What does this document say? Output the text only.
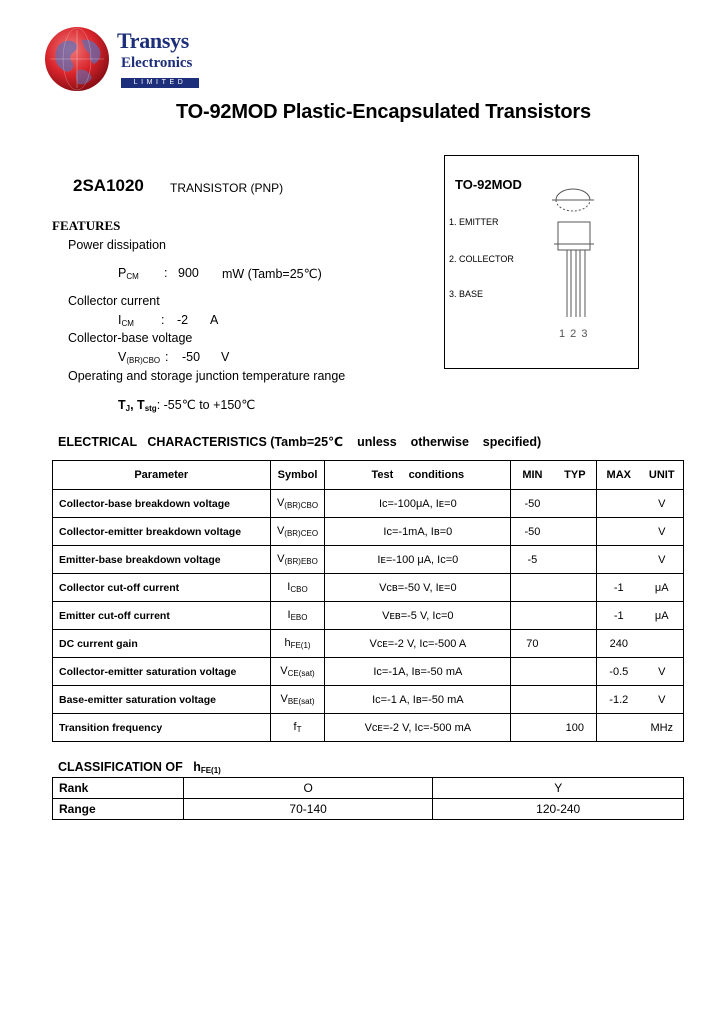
Transys
Electronics
LIMITED
TO-92MOD Plastic-Encapsulated Transistors
2SA1020 TRANSISTOR (PNP)	TO-92MOD
1. EMITTER
2. COLLECTOR
3. BASE
1 2 3
FEATURES
Power dissipation
$P_{CM}$ : 900 mW (Tamb=25℃)
Collector current
$I_{CM}$ : -2 A
Collector-base voltage
$V_{(BR)CBO}$ : -50 V
Operating and storage junction temperature range
$T_J$, $T_{stg}$: -55℃ to +150℃
ELECTRICAL   CHARACTERISTICS (Tamb=25℃    unless    otherwise    specified)
Parameter	Symbol	Test     conditions	MIN	TYP	MAX	UNIT
Collector-base breakdown voltage	$V_{(BR)CBO}$	Iᴄ=-100μA, Iᴇ=0	-50			V
Collector-emitter breakdown voltage	$V_{(BR)CEO}$	Iᴄ=-1mA, Iʙ=0	-50			V
Emitter-base breakdown voltage	$V_{(BR)EBO}$	Iᴇ=-100 μA, Iᴄ=0	-5			V
Collector cut-off current	$I_{CBO}$	Vᴄʙ=-50 V, Iᴇ=0			-1	μA
Emitter cut-off current	$I_{EBO}$	Vᴇʙ=-5 V, Iᴄ=0			-1	μA
DC current gain	$h_{FE(1)}$	Vᴄᴇ=-2 V, Iᴄ=-500 A	70		240	
Collector-emitter saturation voltage	$V_{CE(sat)}$	Iᴄ=-1A, Iʙ=-50 mA			-0.5	V
Base-emitter saturation voltage	$V_{BE(sat)}$	Iᴄ=-1 A, Iʙ=-50 mA			-1.2	V
Transition frequency	$f_T$	Vᴄᴇ=-2 V, Iᴄ=-500 mA		100		MHz
CLASSIFICATION OF $h_{FE(1)}$
Rank	O	Y
Range	70-140	120-240
